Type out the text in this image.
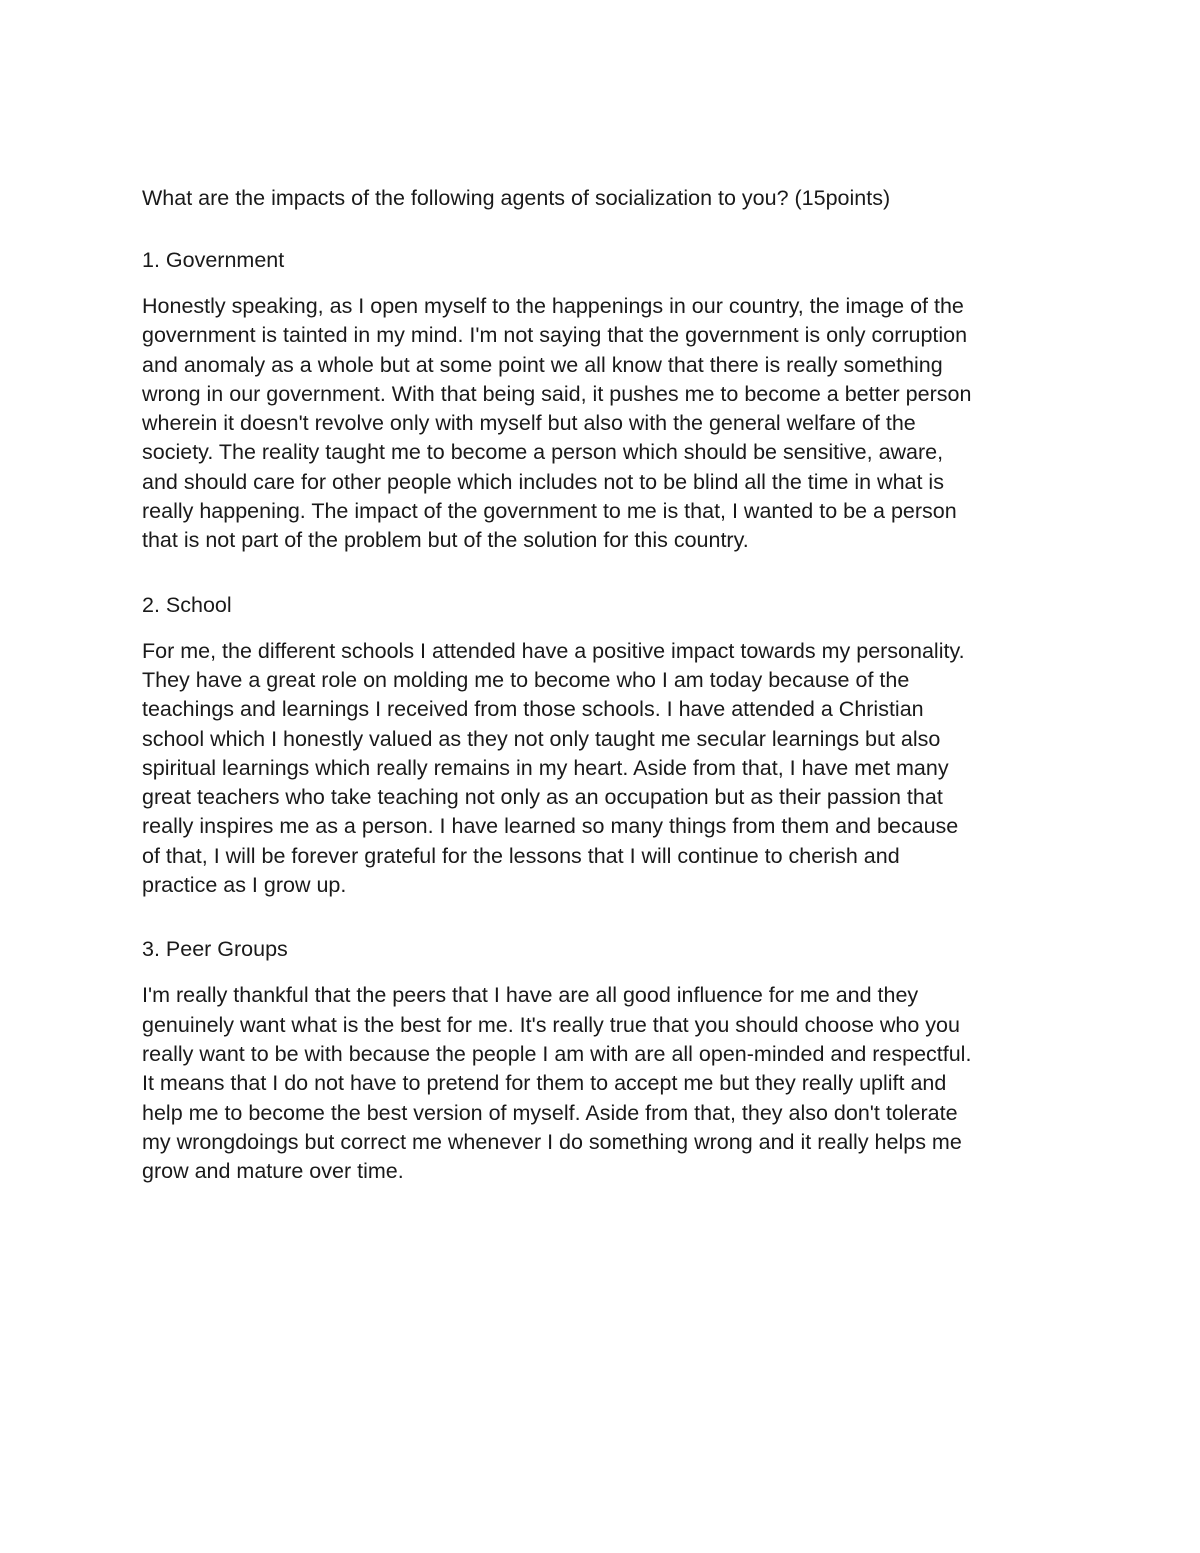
What are the impacts of the following agents of socialization to you? (15points)

1. Government

Honestly speaking, as I open myself to the happenings in our country, the image of the
government is tainted in my mind. I'm not saying that the government is only corruption
and anomaly as a whole but at some point we all know that there is really something
wrong in our government. With that being said, it pushes me to become a better person
wherein it doesn't revolve only with myself but also with the general welfare of the
society. The reality taught me to become a person which should be sensitive, aware,
and should care for other people which includes not to be blind all the time in what is
really happening. The impact of the government to me is that, I wanted to be a person
that is not part of the problem but of the solution for this country.

2. School

For me, the different schools I attended have a positive impact towards my personality.
They have a great role on molding me to become who I am today because of the
teachings and learnings I received from those schools. I have attended a Christian
school which I honestly valued as they not only taught me secular learnings but also
spiritual learnings which really remains in my heart. Aside from that, I have met many
great teachers who take teaching not only as an occupation but as their passion that
really inspires me as a person. I have learned so many things from them and because
of that, I will be forever grateful for the lessons that I will continue to cherish and
practice as I grow up.

3. Peer Groups

I'm really thankful that the peers that I have are all good influence for me and they
genuinely want what is the best for me. It's really true that you should choose who you
really want to be with because the people I am with are all open-minded and respectful.
It means that I do not have to pretend for them to accept me but they really uplift and
help me to become the best version of myself. Aside from that, they also don't tolerate
my wrongdoings but correct me whenever I do something wrong and it really helps me
grow and mature over time.
